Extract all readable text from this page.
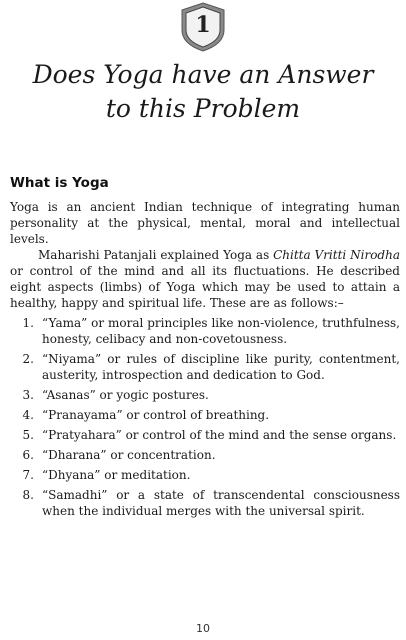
1
Does Yoga have an Answer
to this Problem
What is Yoga

Yoga is an ancient Indian technique of integrating human personality at the physical, mental, moral and intellectual levels.

Maharishi Patanjali explained Yoga as Chitta Vritti Nirodha or control of the mind and all its fluctuations. He described eight aspects (limbs) of Yoga which may be used to attain a healthy, happy and spiritual life. These are as follows:–

1. “Yama” or moral principles like non-violence, truthfulness, honesty, celibacy and non-covetousness.
2. “Niyama” or rules of discipline like purity, contentment, austerity, introspection and dedication to God.
3. “Asanas” or yogic postures.
4. “Pranayama” or control of breathing.
5. “Pratyahara” or control of the mind and the sense organs.
6. “Dharana” or concentration.
7. “Dhyana” or meditation.
8. “Samadhi” or a state of transcendental consciousness when the individual merges with the universal spirit.
10
